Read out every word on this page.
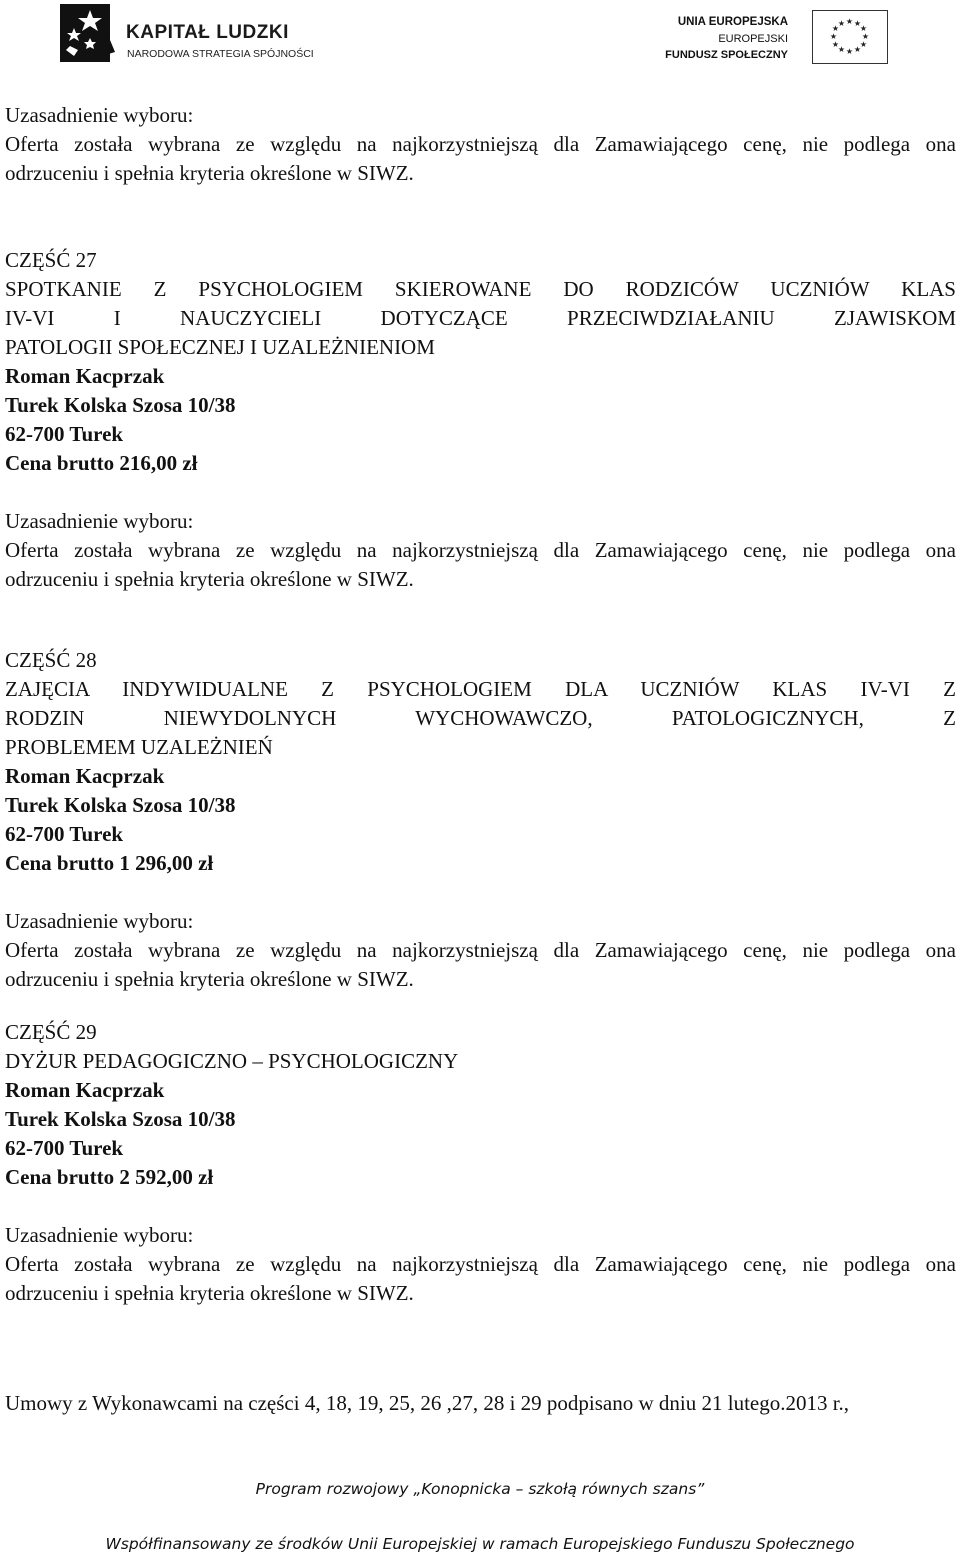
KAPITAŁ LUDZKI
NARODOWA STRATEGIA SPÓJNOŚCI
UNIA EUROPEJSKA
EUROPEJSKI
FUNDUSZ SPOŁECZNY
★ ★
★
★
★
★
★
★
★
★
★
★

Uzasadnienie wyboru:

Oferta została wybrana ze względu na najkorzystniejszą dla Zamawiającego cenę, nie podlega ona

odrzuceniu i spełnia kryteria określone w SIWZ.

CZĘŚĆ 27

SPOTKANIE Z PSYCHOLOGIEM SKIEROWANE DO RODZICÓW UCZNIÓW KLAS

IV-VI I NAUCZYCIELI DOTYCZĄCE PRZECIWDZIAŁANIU ZJAWISKOM

PATOLOGII SPOŁECZNEJ I UZALEŻNIENIOM

Roman Kacprzak

Turek Kolska Szosa 10/38

62-700 Turek

Cena brutto 216,00 zł

Uzasadnienie wyboru:

Oferta została wybrana ze względu na najkorzystniejszą dla Zamawiającego cenę, nie podlega ona

odrzuceniu i spełnia kryteria określone w SIWZ.

CZĘŚĆ 28

ZAJĘCIA INDYWIDUALNE Z PSYCHOLOGIEM DLA UCZNIÓW KLAS IV-VI Z

RODZIN NIEWYDOLNYCH WYCHOWAWCZO, PATOLOGICZNYCH, Z

PROBLEMEM UZALEŻNIEŃ

Roman Kacprzak

Turek Kolska Szosa 10/38

62-700 Turek

Cena brutto 1 296,00 zł

Uzasadnienie wyboru:

Oferta została wybrana ze względu na najkorzystniejszą dla Zamawiającego cenę, nie podlega ona

odrzuceniu i spełnia kryteria określone w SIWZ.

CZĘŚĆ 29

DYŻUR PEDAGOGICZNO – PSYCHOLOGICZNY

Roman Kacprzak

Turek Kolska Szosa 10/38

62-700 Turek

Cena brutto 2 592,00 zł

Uzasadnienie wyboru:

Oferta została wybrana ze względu na najkorzystniejszą dla Zamawiającego cenę, nie podlega ona

odrzuceniu i spełnia kryteria określone w SIWZ.

Umowy z Wykonawcami na części 4, 18, 19, 25, 26 ,27, 28 i 29 podpisano w dniu 21 lutego.2013 r.,

Program rozwojowy „Konopnicka – szkołą równych szans”
Współfinansowany ze środków Unii Europejskiej w ramach Europejskiego Funduszu Społecznego
